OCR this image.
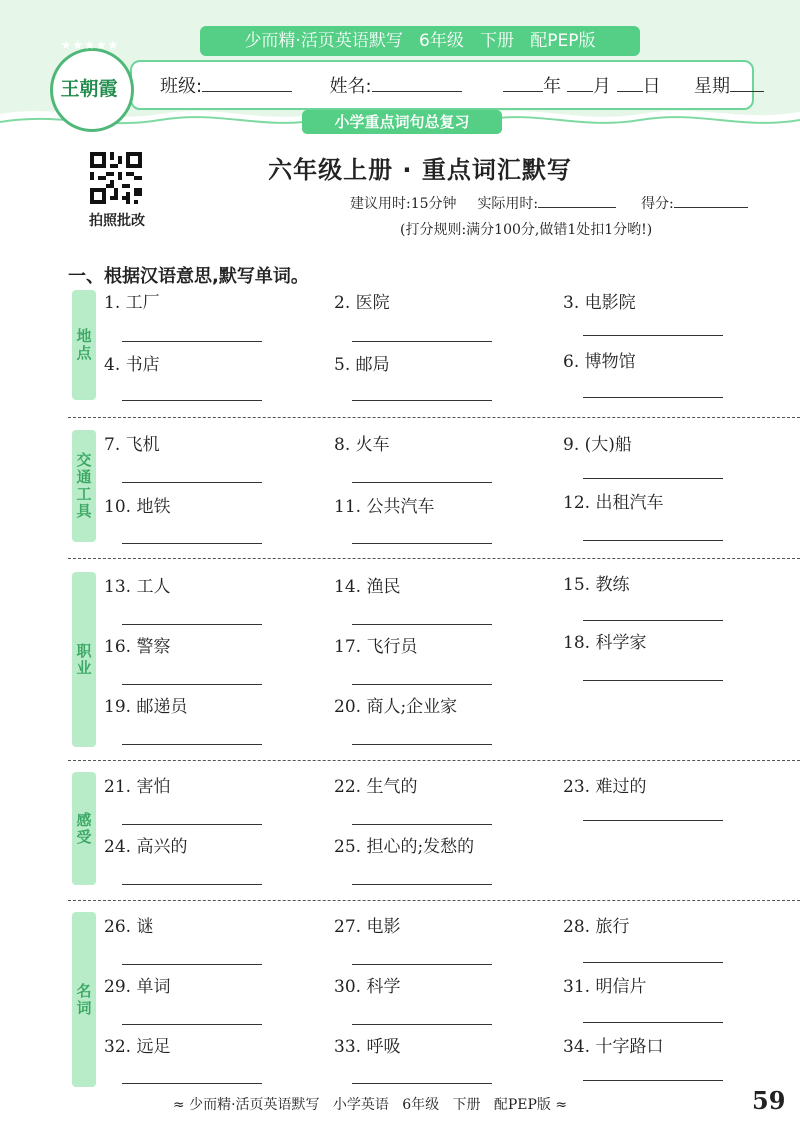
少而精·活页英语默写   6年级   下册   配PEP版
班级:	姓名:	年 月 日 星期
小学重点词句总复习
★★★★★
王朝霞
拍照批改
六年级上册 · 重点词汇默写
建议用时:15分钟 实际用时:	得分:
(打分规则:满分100分,做错1处扣1分哟!)
一、根据汉语意思,默写单词。
地点
交通工具
职业
感受
名词
1. 工厂	2. 医院	3. 电影院
4. 书店	5. 邮局	6. 博物馆
7. 飞机	8. 火车	9. (大)船
10. 地铁	11. 公共汽车	12. 出租汽车
13. 工人	14. 渔民	15. 教练
16. 警察	17. 飞行员	18. 科学家
19. 邮递员	20. 商人;企业家
21. 害怕	22. 生气的	23. 难过的
24. 高兴的	25. 担心的;发愁的
26. 谜	27. 电影	28. 旅行
29. 单词	30. 科学	31. 明信片
32. 远足	33. 呼吸	34. 十字路口
≈ 少而精·活页英语默写   小学英语   6年级   下册   配PEP版 ≈	59
